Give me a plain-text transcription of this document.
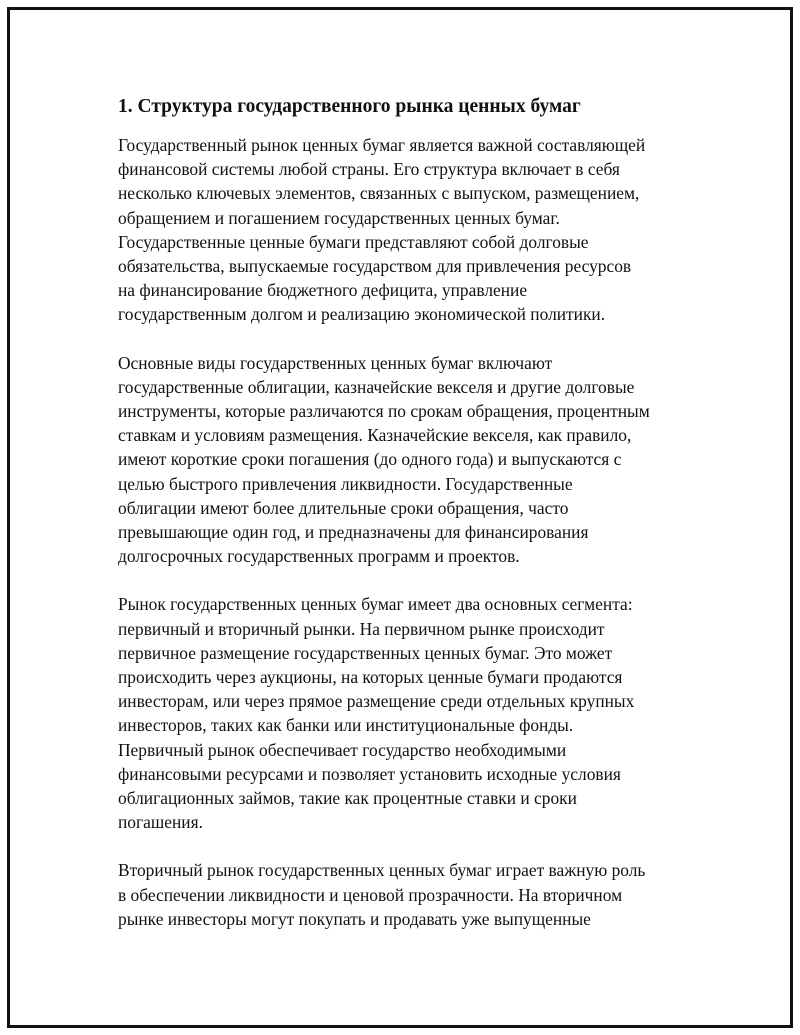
1. Структура государственного рынка ценных бумаг

Государственный рынок ценных бумаг является важной составляющей
финансовой системы любой страны. Его структура включает в себя
несколько ключевых элементов, связанных с выпуском, размещением,
обращением и погашением государственных ценных бумаг.
Государственные ценные бумаги представляют собой долговые
обязательства, выпускаемые государством для привлечения ресурсов
на финансирование бюджетного дефицита, управление
государственным долгом и реализацию экономической политики.

Основные виды государственных ценных бумаг включают
государственные облигации, казначейские векселя и другие долговые
инструменты, которые различаются по срокам обращения, процентным
ставкам и условиям размещения. Казначейские векселя, как правило,
имеют короткие сроки погашения (до одного года) и выпускаются с
целью быстрого привлечения ликвидности. Государственные
облигации имеют более длительные сроки обращения, часто
превышающие один год, и предназначены для финансирования
долгосрочных государственных программ и проектов.

Рынок государственных ценных бумаг имеет два основных сегмента:
первичный и вторичный рынки. На первичном рынке происходит
первичное размещение государственных ценных бумаг. Это может
происходить через аукционы, на которых ценные бумаги продаются
инвесторам, или через прямое размещение среди отдельных крупных
инвесторов, таких как банки или институциональные фонды.
Первичный рынок обеспечивает государство необходимыми
финансовыми ресурсами и позволяет установить исходные условия
облигационных займов, такие как процентные ставки и сроки
погашения.

Вторичный рынок государственных ценных бумаг играет важную роль
в обеспечении ликвидности и ценовой прозрачности. На вторичном
рынке инвесторы могут покупать и продавать уже выпущенные
